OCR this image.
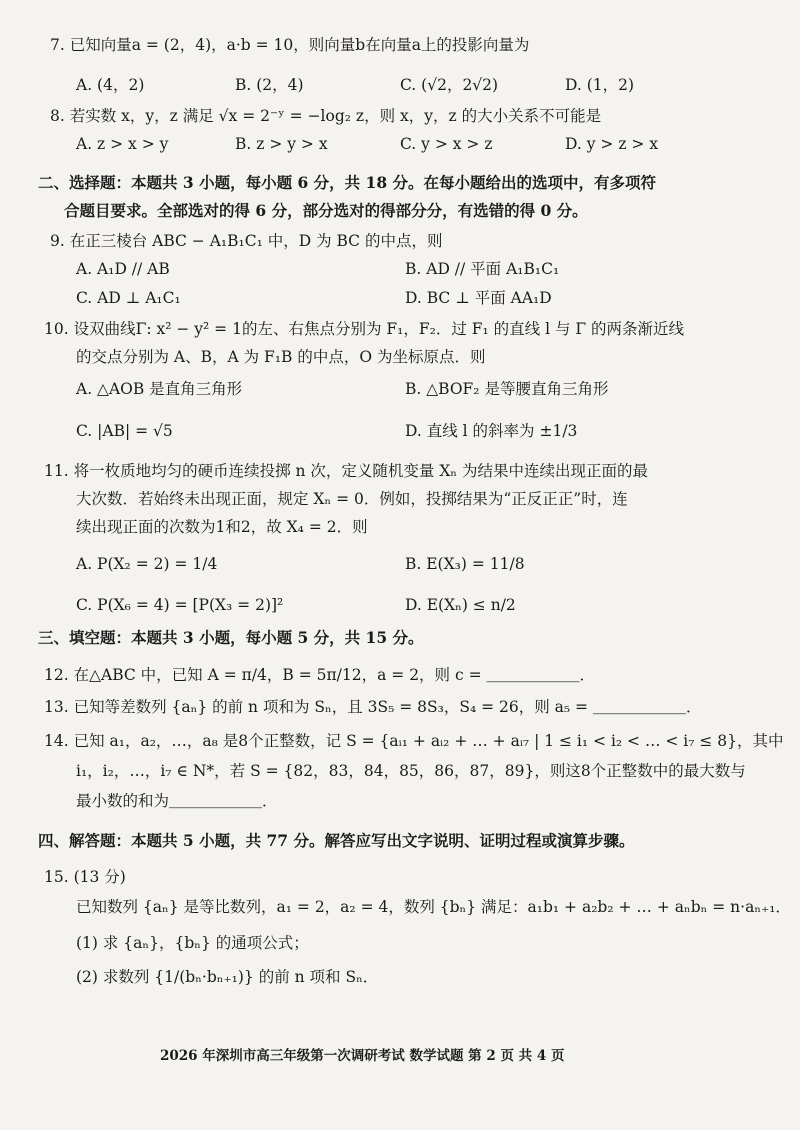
7. 已知向量a = (2，4)，a·b = 10，则向量b在向量a上的投影向量为
A. (4，2)	B. (2，4)	C. (√2，2√2)	D. (1，2)
8. 若实数 x，y，z 满足 √x = 2⁻ʸ = −log₂ z，则 x，y，z 的大小关系不可能是
A. z > x > y	B. z > y > x	C. y > x > z	D. y > z > x
二、选择题：本题共 3 小题，每小题 6 分，共 18 分。在每小题给出的选项中，有多项符
合题目要求。全部选对的得 6 分，部分选对的得部分分，有选错的得 0 分。
9. 在正三棱台 ABC − A₁B₁C₁ 中，D 为 BC 的中点，则
A. A₁D // AB	B. AD // 平面 A₁B₁C₁
C. AD ⊥ A₁C₁	D. BC ⊥ 平面 AA₁D
10. 设双曲线Γ: x² − y² = 1的左、右焦点分别为 F₁，F₂．过 F₁ 的直线 l 与 Γ 的两条渐近线
的交点分别为 A、B，A 为 F₁B 的中点，O 为坐标原点．则
A. △AOB 是直角三角形	B. △BOF₂ 是等腰直角三角形
C. |AB| = √5	D. 直线 l 的斜率为 ±1/3
11. 将一枚质地均匀的硬币连续投掷 n 次，定义随机变量 Xₙ 为结果中连续出现正面的最
大次数．若始终未出现正面，规定 Xₙ = 0．例如，投掷结果为“正反正正”时，连
续出现正面的次数为1和2，故 X₄ = 2．则
A. P(X₂ = 2) = 1/4	B. E(X₃) = 11/8
C. P(X₆ = 4) = [P(X₃ = 2)]²	D. E(Xₙ) ≤ n/2
三、填空题：本题共 3 小题，每小题 5 分，共 15 分。
12. 在△ABC 中，已知 A = π/4，B = 5π/12，a = 2，则 c = ＿＿＿＿＿＿．
13. 已知等差数列 {aₙ} 的前 n 项和为 Sₙ，且 3S₅ = 8S₃，S₄ = 26，则 a₅ = ＿＿＿＿＿＿．
14. 已知 a₁，a₂，…，a₈ 是8个正整数，记 S = {aᵢ₁ + aᵢ₂ + … + aᵢ₇ | 1 ≤ i₁ < i₂ < … < i₇ ≤ 8}，其中
i₁，i₂，…，i₇ ∈ N*，若 S = {82，83，84，85，86，87，89}，则这8个正整数中的最大数与
最小数的和为＿＿＿＿＿＿．
四、解答题：本题共 5 小题，共 77 分。解答应写出文字说明、证明过程或演算步骤。
15. (13 分)
已知数列 {aₙ} 是等比数列，a₁ = 2，a₂ = 4，数列 {bₙ} 满足：a₁b₁ + a₂b₂ + … + aₙbₙ = n·aₙ₊₁．
(1) 求 {aₙ}，{bₙ} 的通项公式；
(2) 求数列 {1/(bₙ·bₙ₊₁)} 的前 n 项和 Sₙ．
2026 年深圳市高三年级第一次调研考试 数学试题 第 2 页 共 4 页
